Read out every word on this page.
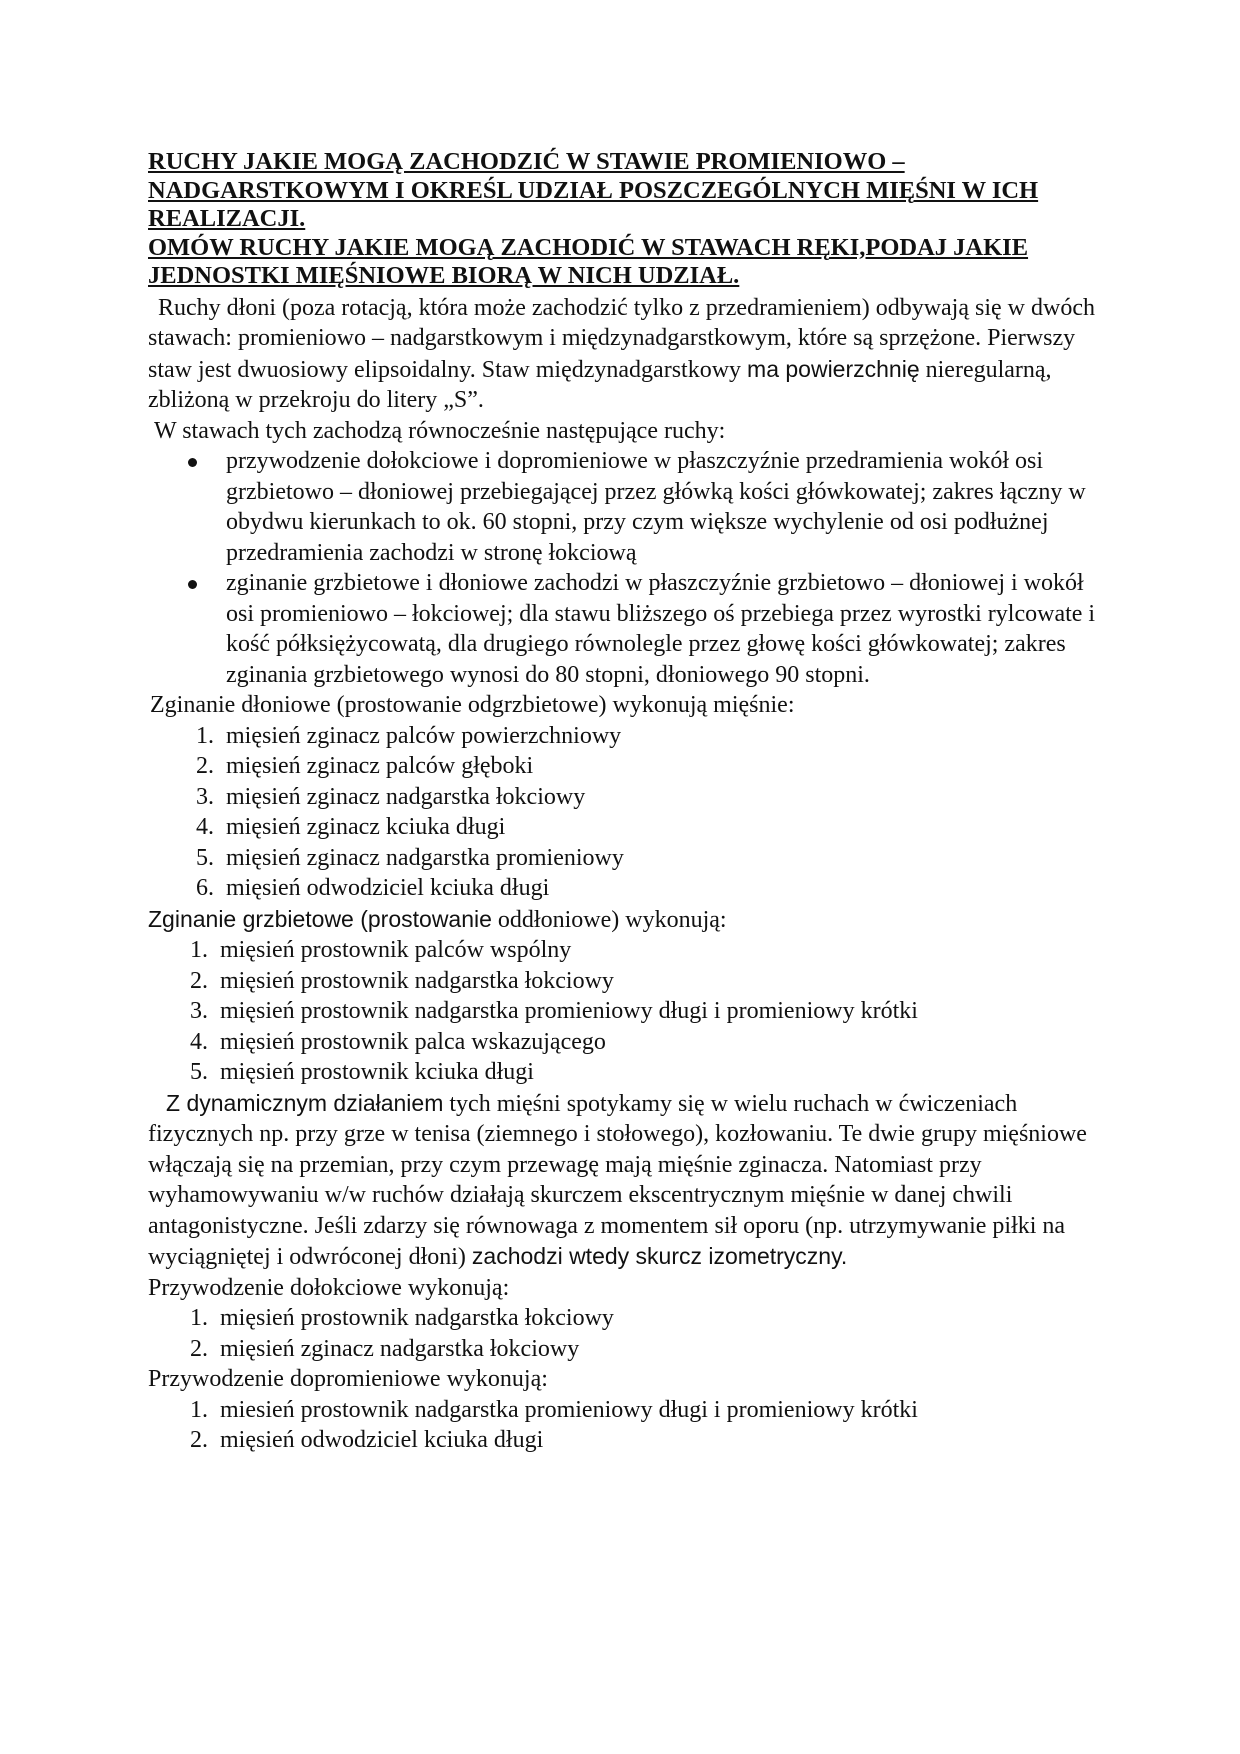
RUCHY JAKIE MOGĄ ZACHODZIĆ W STAWIE PROMIENIOWO – NADGARSTKOWYM I OKREŚL UDZIAŁ POSZCZEGÓLNYCH MIĘŚNI W ICH REALIZACJI.

OMÓW RUCHY JAKIE MOGĄ ZACHODIĆ W STAWACH RĘKI,PODAJ JAKIE JEDNOSTKI MIĘŚNIOWE BIORĄ W NICH UDZIAŁ.

Ruchy dłoni (poza rotacją, która może zachodzić tylko z przedramieniem) odbywają się w dwóch stawach: promieniowo – nadgarstkowym i międzynadgarstkowym, które są sprzężone. Pierwszy staw jest dwuosiowy elipsoidalny. Staw międzynadgarstkowy ma powierzchnię nieregularną, zbliżoną w przekroju do litery „S”.

W stawach tych zachodzą równocześnie następujące ruchy:

przywodzenie dołokciowe i dopromieniowe w płaszczyźnie przedramienia wokół osi grzbietowo – dłoniowej przebiegającej przez główką kości główkowatej; zakres łączny w obydwu kierunkach to ok. 60 stopni, przy czym większe wychylenie od osi podłużnej przedramienia zachodzi w stronę łokciową
zginanie grzbietowe i dłoniowe zachodzi w płaszczyźnie grzbietowo – dłoniowej i wokół osi promieniowo – łokciowej; dla stawu bliższego oś przebiega przez wyrostki rylcowate i kość półksiężycowatą, dla drugiego równolegle przez głowę kości główkowatej; zakres zginania grzbietowego wynosi do 80 stopni, dłoniowego 90 stopni.

Zginanie dłoniowe (prostowanie odgrzbietowe) wykonują mięśnie:

1. mięsień zginacz palców powierzchniowy
2. mięsień zginacz palców głęboki
3. mięsień zginacz nadgarstka łokciowy
4. mięsień zginacz kciuka długi
5. mięsień zginacz nadgarstka promieniowy
6. mięsień odwodziciel kciuka długi

Zginanie grzbietowe (prostowanie oddłoniowe) wykonują:

1. mięsień prostownik palców wspólny
2. mięsień prostownik nadgarstka łokciowy
3. mięsień prostownik nadgarstka promieniowy długi i promieniowy krótki
4. mięsień prostownik palca wskazującego
5. mięsień prostownik kciuka długi

Z dynamicznym działaniem tych mięśni spotykamy się w wielu ruchach w ćwiczeniach fizycznych np. przy grze w tenisa (ziemnego i stołowego), kozłowaniu. Te dwie grupy mięśniowe włączają się na przemian, przy czym przewagę mają mięśnie zginacza. Natomiast przy wyhamowywaniu w/w ruchów działają skurczem ekscentrycznym mięśnie w danej chwili antagonistyczne. Jeśli zdarzy się równowaga z momentem sił oporu (np. utrzymywanie piłki na wyciągniętej i odwróconej dłoni) zachodzi wtedy skurcz izometryczny.

Przywodzenie dołokciowe wykonują:

1. mięsień prostownik nadgarstka łokciowy
2. mięsień zginacz nadgarstka łokciowy

Przywodzenie dopromieniowe wykonują:

1. miesień prostownik nadgarstka promieniowy długi i promieniowy krótki
2. mięsień odwodziciel kciuka długi
